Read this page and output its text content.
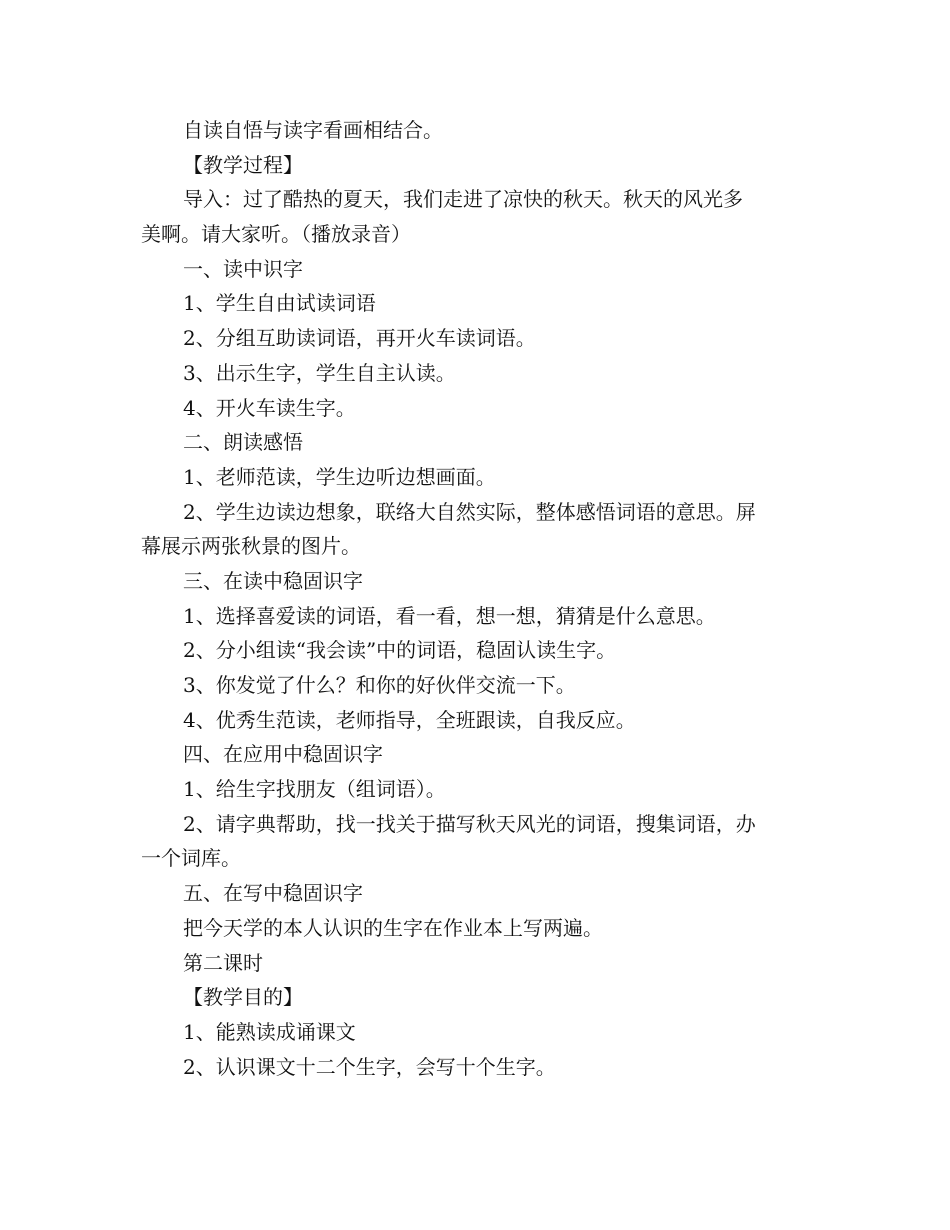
自读自悟与读字看画相结合。
【教学过程】
导入：过了酷热的夏天，我们走进了凉快的秋天。秋天的风光多
美啊。请大家听。（播放录音）
一、读中识字
1、学生自由试读词语
2、分组互助读词语，再开火车读词语。
3、出示生字，学生自主认读。
4、开火车读生字。
二、朗读感悟
1、老师范读，学生边听边想画面。
2、学生边读边想象，联络大自然实际，整体感悟词语的意思。屏
幕展示两张秋景的图片。
三、在读中稳固识字
1、选择喜爱读的词语，看一看，想一想，猜猜是什么意思。
2、分小组读“我会读”中的词语，稳固认读生字。
3、你发觉了什么？和你的好伙伴交流一下。
4、优秀生范读，老师指导，全班跟读，自我反应。
四、在应用中稳固识字
1、给生字找朋友（组词语）。
2、请字典帮助，找一找关于描写秋天风光的词语，搜集词语，办
一个词库。
五、在写中稳固识字
把今天学的本人认识的生字在作业本上写两遍。
第二课时
【教学目的】
1、能熟读成诵课文
2、认识课文十二个生字，会写十个生字。
